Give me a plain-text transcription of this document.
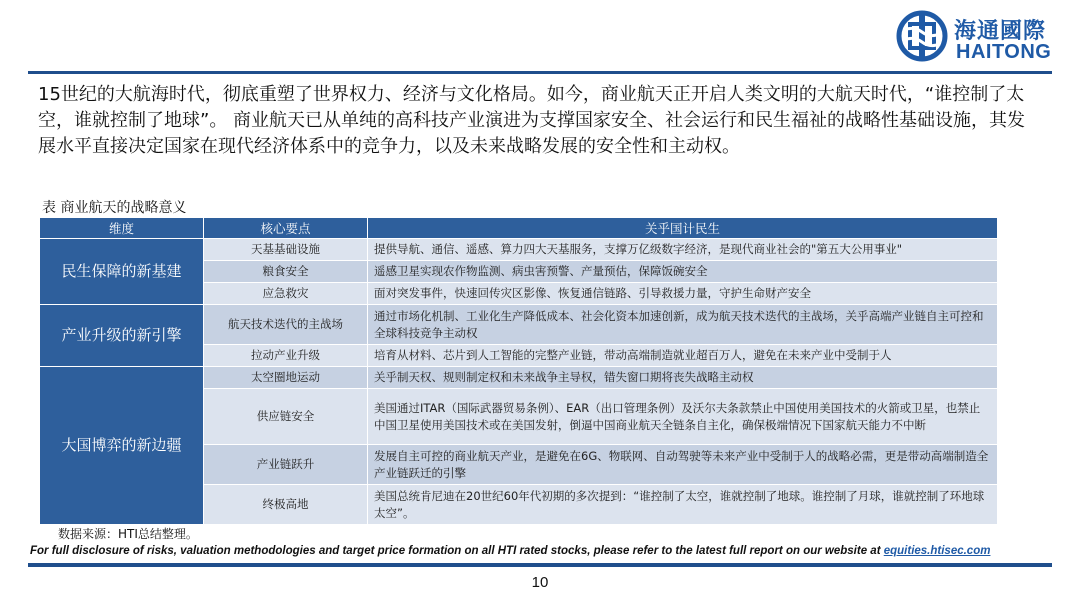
海通國際
HAITONG
15世纪的大航海时代，彻底重塑了世界权力、经济与文化格局。如今，商业航天正开启人类文明的大航天时代，“谁控制了太空，谁就控制了地球”。 商业航天已从单纯的高科技产业演进为支撑国家安全、社会运行和民生福祉的战略性基础设施，其发展水平直接决定国家在现代经济体系中的竞争力，以及未来战略发展的安全性和主动权。
表 商业航天的战略意义
维度	核心要点	关乎国计民生
民生保障的新基建	天基基础设施	提供导航、通信、遥感、算力四大天基服务，支撑万亿级数字经济，是现代商业社会的"第五大公用事业"
	粮食安全	遥感卫星实现农作物监测、病虫害预警、产量预估，保障饭碗安全
	应急救灾	面对突发事件，快速回传灾区影像、恢复通信链路、引导救援力量，守护生命财产安全
产业升级的新引擎	航天技术迭代的主战场	通过市场化机制、工业化生产降低成本、社会化资本加速创新，成为航天技术迭代的主战场，关乎高端产业链自主可控和全球科技竞争主动权
	拉动产业升级	培育从材料、芯片到人工智能的完整产业链，带动高端制造就业超百万人，避免在未来产业中受制于人
大国博弈的新边疆	太空圈地运动	关乎制天权、规则制定权和未来战争主导权，错失窗口期将丧失战略主动权
	供应链安全	美国通过ITAR（国际武器贸易条例）、EAR（出口管理条例）及沃尔夫条款禁止中国使用美国技术的火箭或卫星，也禁止中国卫星使用美国技术或在美国发射，倒逼中国商业航天全链条自主化，确保极端情况下国家航天能力不中断
	产业链跃升	发展自主可控的商业航天产业，是避免在6G、物联网、自动驾驶等未来产业中受制于人的战略必需，更是带动高端制造全产业链跃迁的引擎
	终极高地	美国总统肯尼迪在20世纪60年代初期的多次提到：“谁控制了太空，谁就控制了地球。谁控制了月球，谁就控制了环地球太空”。
数据来源：HTI总结整理。
For full disclosure of risks, valuation methodologies and target price formation on all HTI rated stocks, please refer to the latest full report on our website at equities.htisec.com
10
